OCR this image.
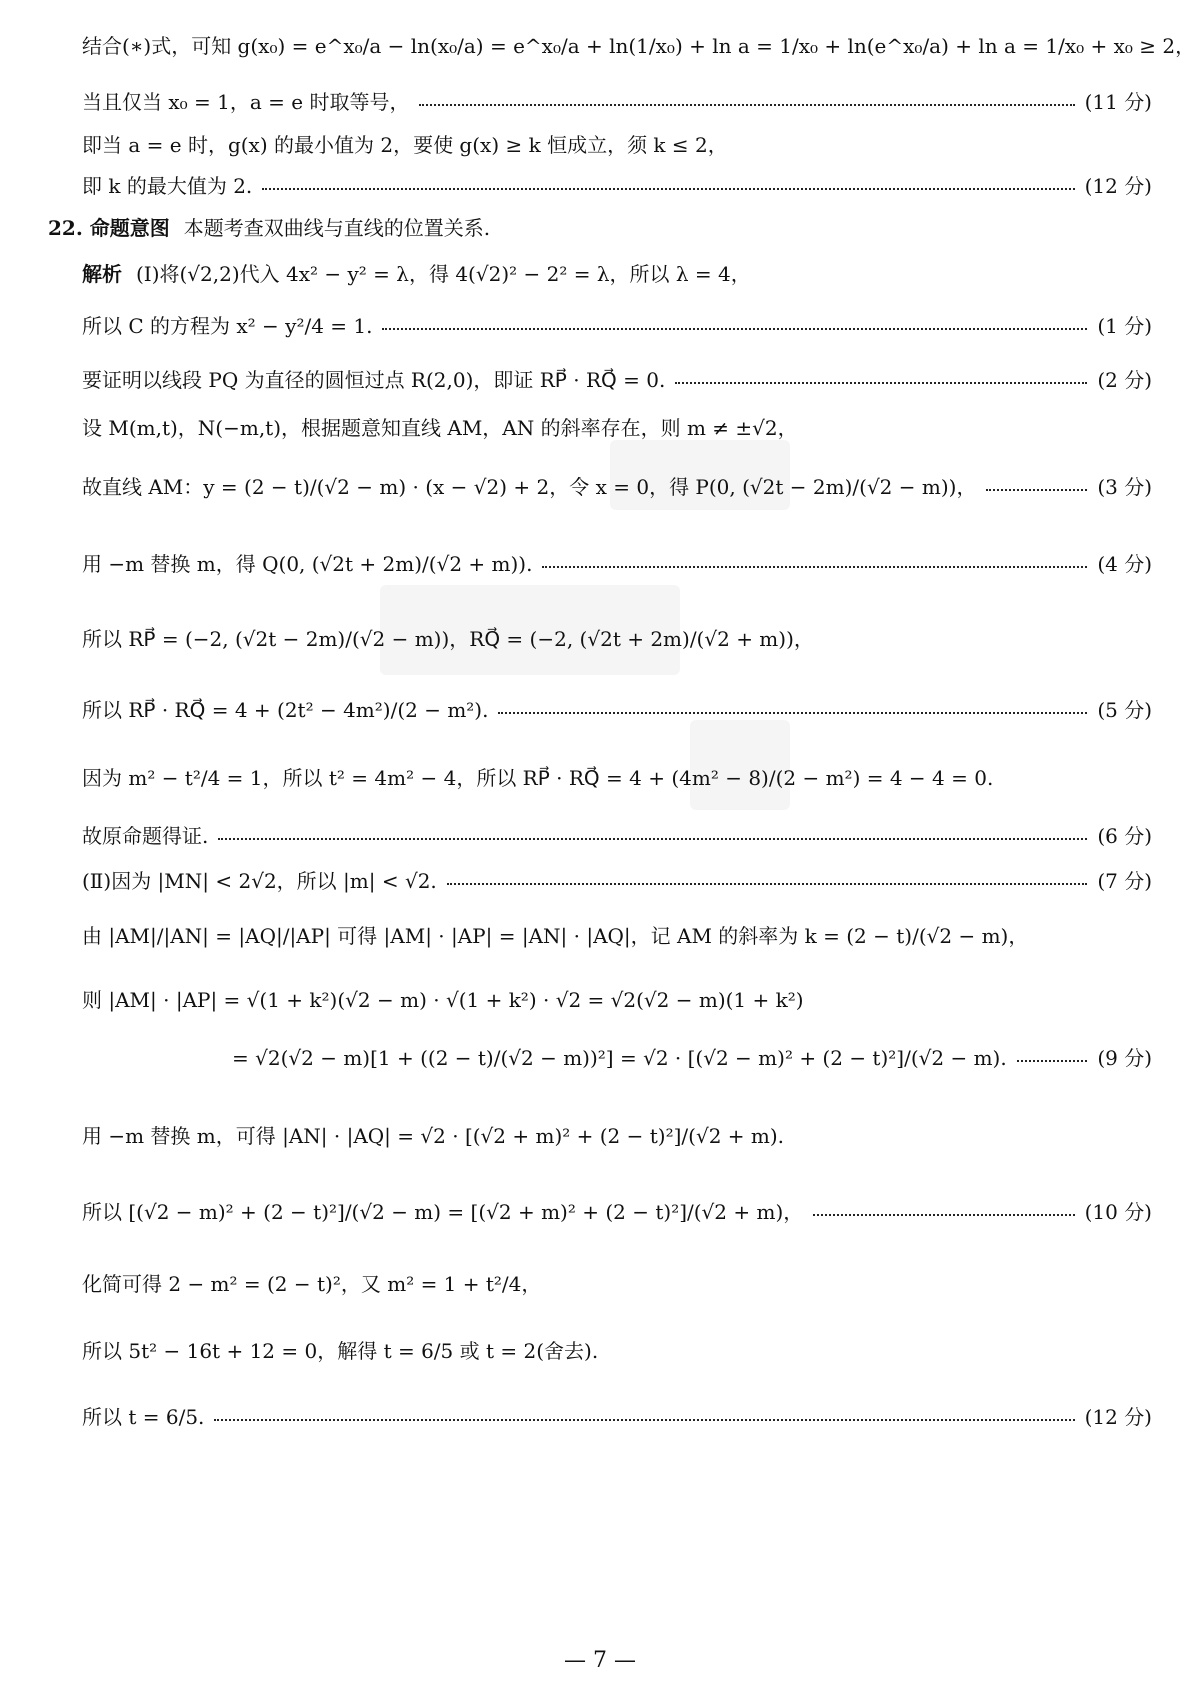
结合(∗)式，可知 g(x₀) = e^x₀/a − ln(x₀/a) = e^x₀/a + ln(1/x₀) + ln a = 1/x₀ + ln(e^x₀/a) + ln a = 1/x₀ + x₀ ≥ 2，
当且仅当 x₀ = 1，a = e 时取等号，	(11 分)
即当 a = e 时，g(x) 的最小值为 2，要使 g(x) ≥ k 恒成立，须 k ≤ 2，
即 k 的最大值为 2.	(12 分)
22. 命题意图 本题考查双曲线与直线的位置关系.
解析 (Ⅰ)将(√2,2)代入 4x² − y² = λ，得 4(√2)² − 2² = λ，所以 λ = 4，
所以 C 的方程为 x² − y²/4 = 1.	(1 分)
要证明以线段 PQ 为直径的圆恒过点 R(2,0)，即证 RP⃗ · RQ⃗ = 0.	(2 分)
设 M(m,t)，N(−m,t)，根据题意知直线 AM，AN 的斜率存在，则 m ≠ ±√2，
故直线 AM：y = (2 − t)/(√2 − m) · (x − √2) + 2，令 x = 0，得 P(0, (√2t − 2m)/(√2 − m))，	(3 分)
用 −m 替换 m，得 Q(0, (√2t + 2m)/(√2 + m)).	(4 分)
所以 RP⃗ = (−2, (√2t − 2m)/(√2 − m))，RQ⃗ = (−2, (√2t + 2m)/(√2 + m))，
所以 RP⃗ · RQ⃗ = 4 + (2t² − 4m²)/(2 − m²).	(5 分)
因为 m² − t²/4 = 1，所以 t² = 4m² − 4，所以 RP⃗ · RQ⃗ = 4 + (4m² − 8)/(2 − m²) = 4 − 4 = 0.
故原命题得证.	(6 分)
(Ⅱ)因为 |MN| < 2√2，所以 |m| < √2.	(7 分)
由 |AM|/|AN| = |AQ|/|AP| 可得 |AM| · |AP| = |AN| · |AQ|，记 AM 的斜率为 k = (2 − t)/(√2 − m)，
则 |AM| · |AP| = √(1 + k²)(√2 − m) · √(1 + k²) · √2 = √2(√2 − m)(1 + k²)
= √2(√2 − m)[1 + ((2 − t)/(√2 − m))²] = √2 · [(√2 − m)² + (2 − t)²]/(√2 − m).	(9 分)
用 −m 替换 m，可得 |AN| · |AQ| = √2 · [(√2 + m)² + (2 − t)²]/(√2 + m).
所以 [(√2 − m)² + (2 − t)²]/(√2 − m) = [(√2 + m)² + (2 − t)²]/(√2 + m)，	(10 分)
化简可得 2 − m² = (2 − t)²，又 m² = 1 + t²/4，
所以 5t² − 16t + 12 = 0，解得 t = 6/5 或 t = 2(舍去).
所以 t = 6/5.	(12 分)
— 7 —
